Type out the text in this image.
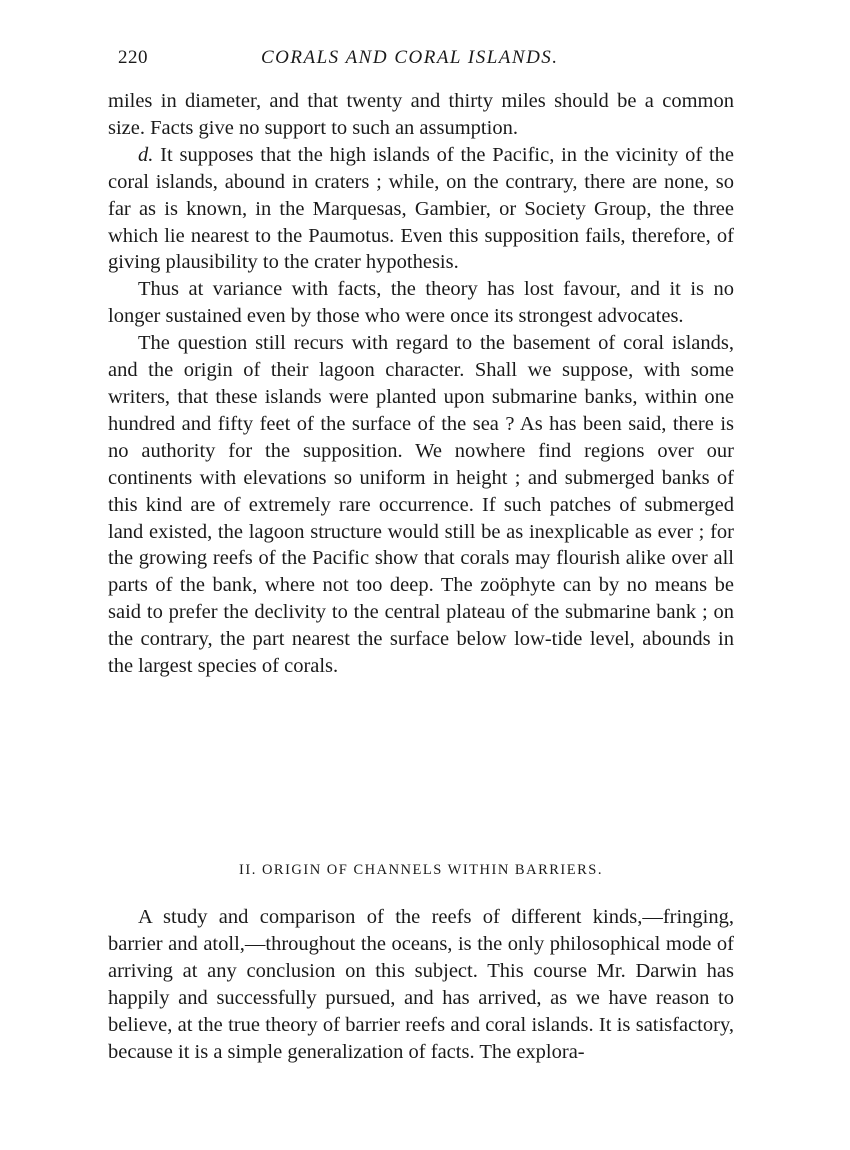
220	CORALS AND CORAL ISLANDS.

miles in diameter, and that twenty and thirty miles should be a common size. Facts give no support to such an assumption.

d. It supposes that the high islands of the Pacific, in the vicinity of the coral islands, abound in craters ; while, on the contrary, there are none, so far as is known, in the Marquesas, Gambier, or Society Group, the three which lie nearest to the Paumotus. Even this supposition fails, therefore, of giving plausibility to the crater hypothesis.

Thus at variance with facts, the theory has lost favour, and it is no longer sustained even by those who were once its strongest advocates.

The question still recurs with regard to the basement of coral islands, and the origin of their lagoon character. Shall we suppose, with some writers, that these islands were planted upon submarine banks, within one hundred and fifty feet of the surface of the sea ? As has been said, there is no authority for the supposition. We nowhere find regions over our continents with elevations so uniform in height ; and submerged banks of this kind are of extremely rare occurrence. If such patches of submerged land existed, the lagoon structure would still be as inexplicable as ever ; for the growing reefs of the Pacific show that corals may flourish alike over all parts of the bank, where not too deep. The zoöphyte can by no means be said to prefer the declivity to the central plateau of the submarine bank ; on the contrary, the part nearest the surface below low-tide level, abounds in the largest species of corals.

II. ORIGIN OF CHANNELS WITHIN BARRIERS.

A study and comparison of the reefs of different kinds,—fringing, barrier and atoll,—throughout the oceans, is the only philosophical mode of arriving at any conclusion on this subject. This course Mr. Darwin has happily and successfully pursued, and has arrived, as we have reason to believe, at the true theory of barrier reefs and coral islands. It is satisfactory, because it is a simple generalization of facts. The explora-
